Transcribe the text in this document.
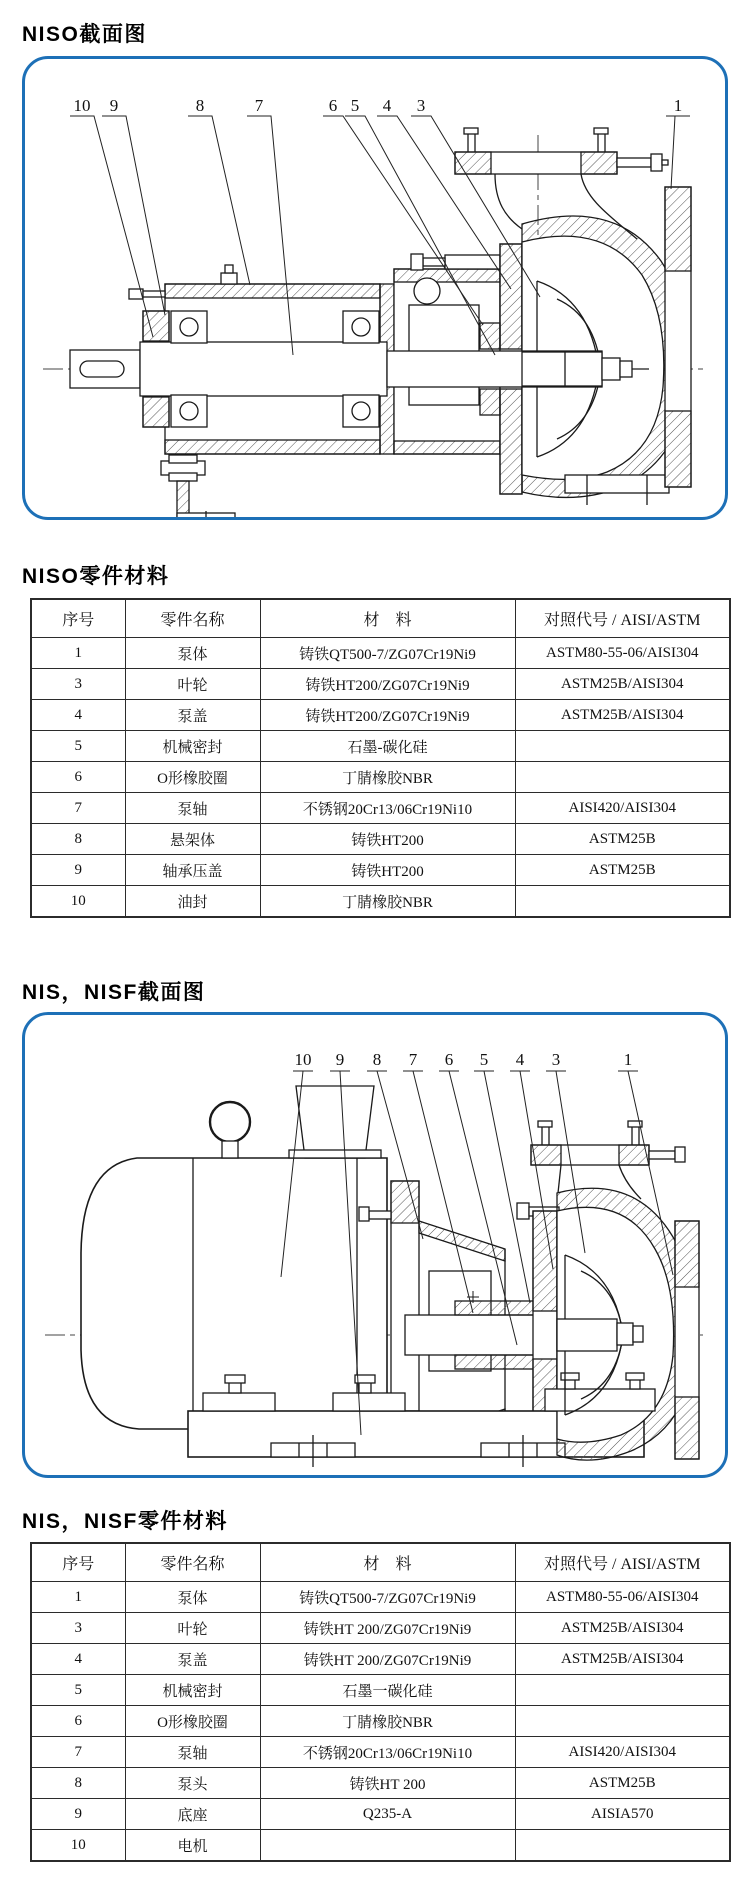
NISO截面图
10 9	8	7	6 5 4 3	1
NISO零件材料
序号	零件名称	材　料	对照代号 / AISI/ASTM
1	泵体	铸铁QT500-7/ZG07Cr19Ni9	ASTM80-55-06/AISI304
3	叶轮	铸铁HT200/ZG07Cr19Ni9	ASTM25B/AISI304
4	泵盖	铸铁HT200/ZG07Cr19Ni9	ASTM25B/AISI304
5	机械密封	石墨-碳化硅	
6	O形橡胶圈	丁腈橡胶NBR	
7	泵轴	不锈钢20Cr13/06Cr19Ni10	AISI420/AISI304
8	悬架体	铸铁HT200	ASTM25B
9	轴承压盖	铸铁HT200	ASTM25B
10	油封	丁腈橡胶NBR	
NIS，NISF截面图
10 9 8 7 6 5 4 3	1
NIS，NISF零件材料
序号	零件名称	材　料	对照代号 / AISI/ASTM
1	泵体	铸铁QT500-7/ZG07Cr19Ni9	ASTM80-55-06/AISI304
3	叶轮	铸铁HT 200/ZG07Cr19Ni9	ASTM25B/AISI304
4	泵盖	铸铁HT 200/ZG07Cr19Ni9	ASTM25B/AISI304
5	机械密封	石墨一碳化硅	
6	O形橡胶圈	丁腈橡胶NBR	
7	泵轴	不锈钢20Cr13/06Cr19Ni10	AISI420/AISI304
8	泵头	铸铁HT 200	ASTM25B
9	底座	Q235-A	AISIA570
10	电机		
